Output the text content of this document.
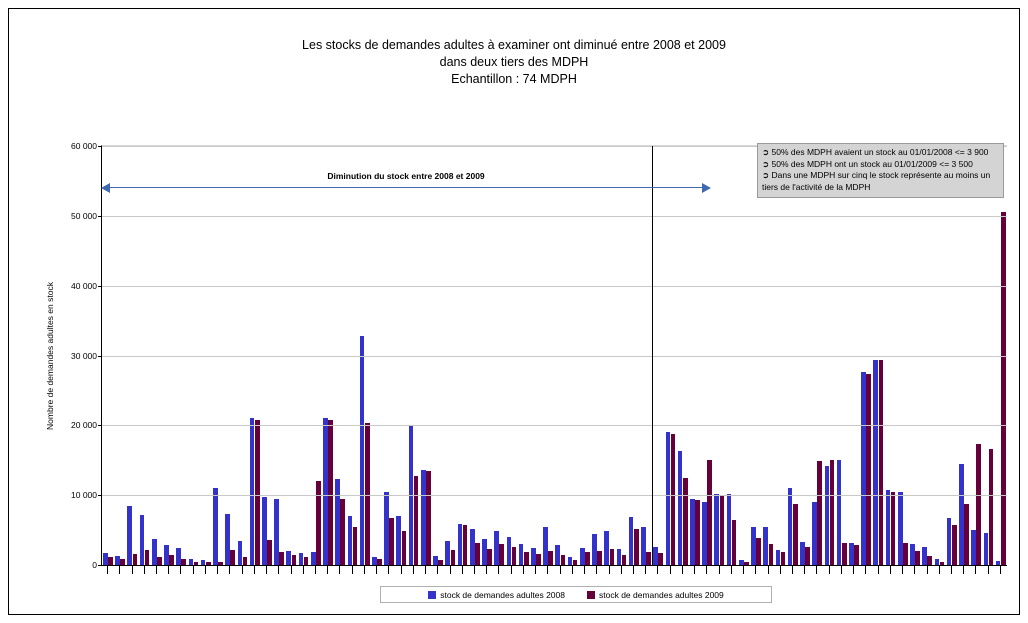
Les stocks de demandes adultes à examiner ont diminué entre 2008 et 2009
dans deux tiers des MDPH
Echantillon : 74 MDPH
Nombre de demandes adultes en stock
0
10 000
20 000
30 000
40 000
50 000
60 000
Diminution du stock entre 2008 et 2009
➲ 50% des MDPH avaient un stock au 01/01/2008 <= 3 900
➲ 50% des MDPH ont un stock au 01/01/2009 <= 3 500
➲ Dans une MDPH sur cinq le stock représente au moins un tiers de l'activité de la MDPH
stock de demandes adultes 2008	stock de demandes adultes 2009
